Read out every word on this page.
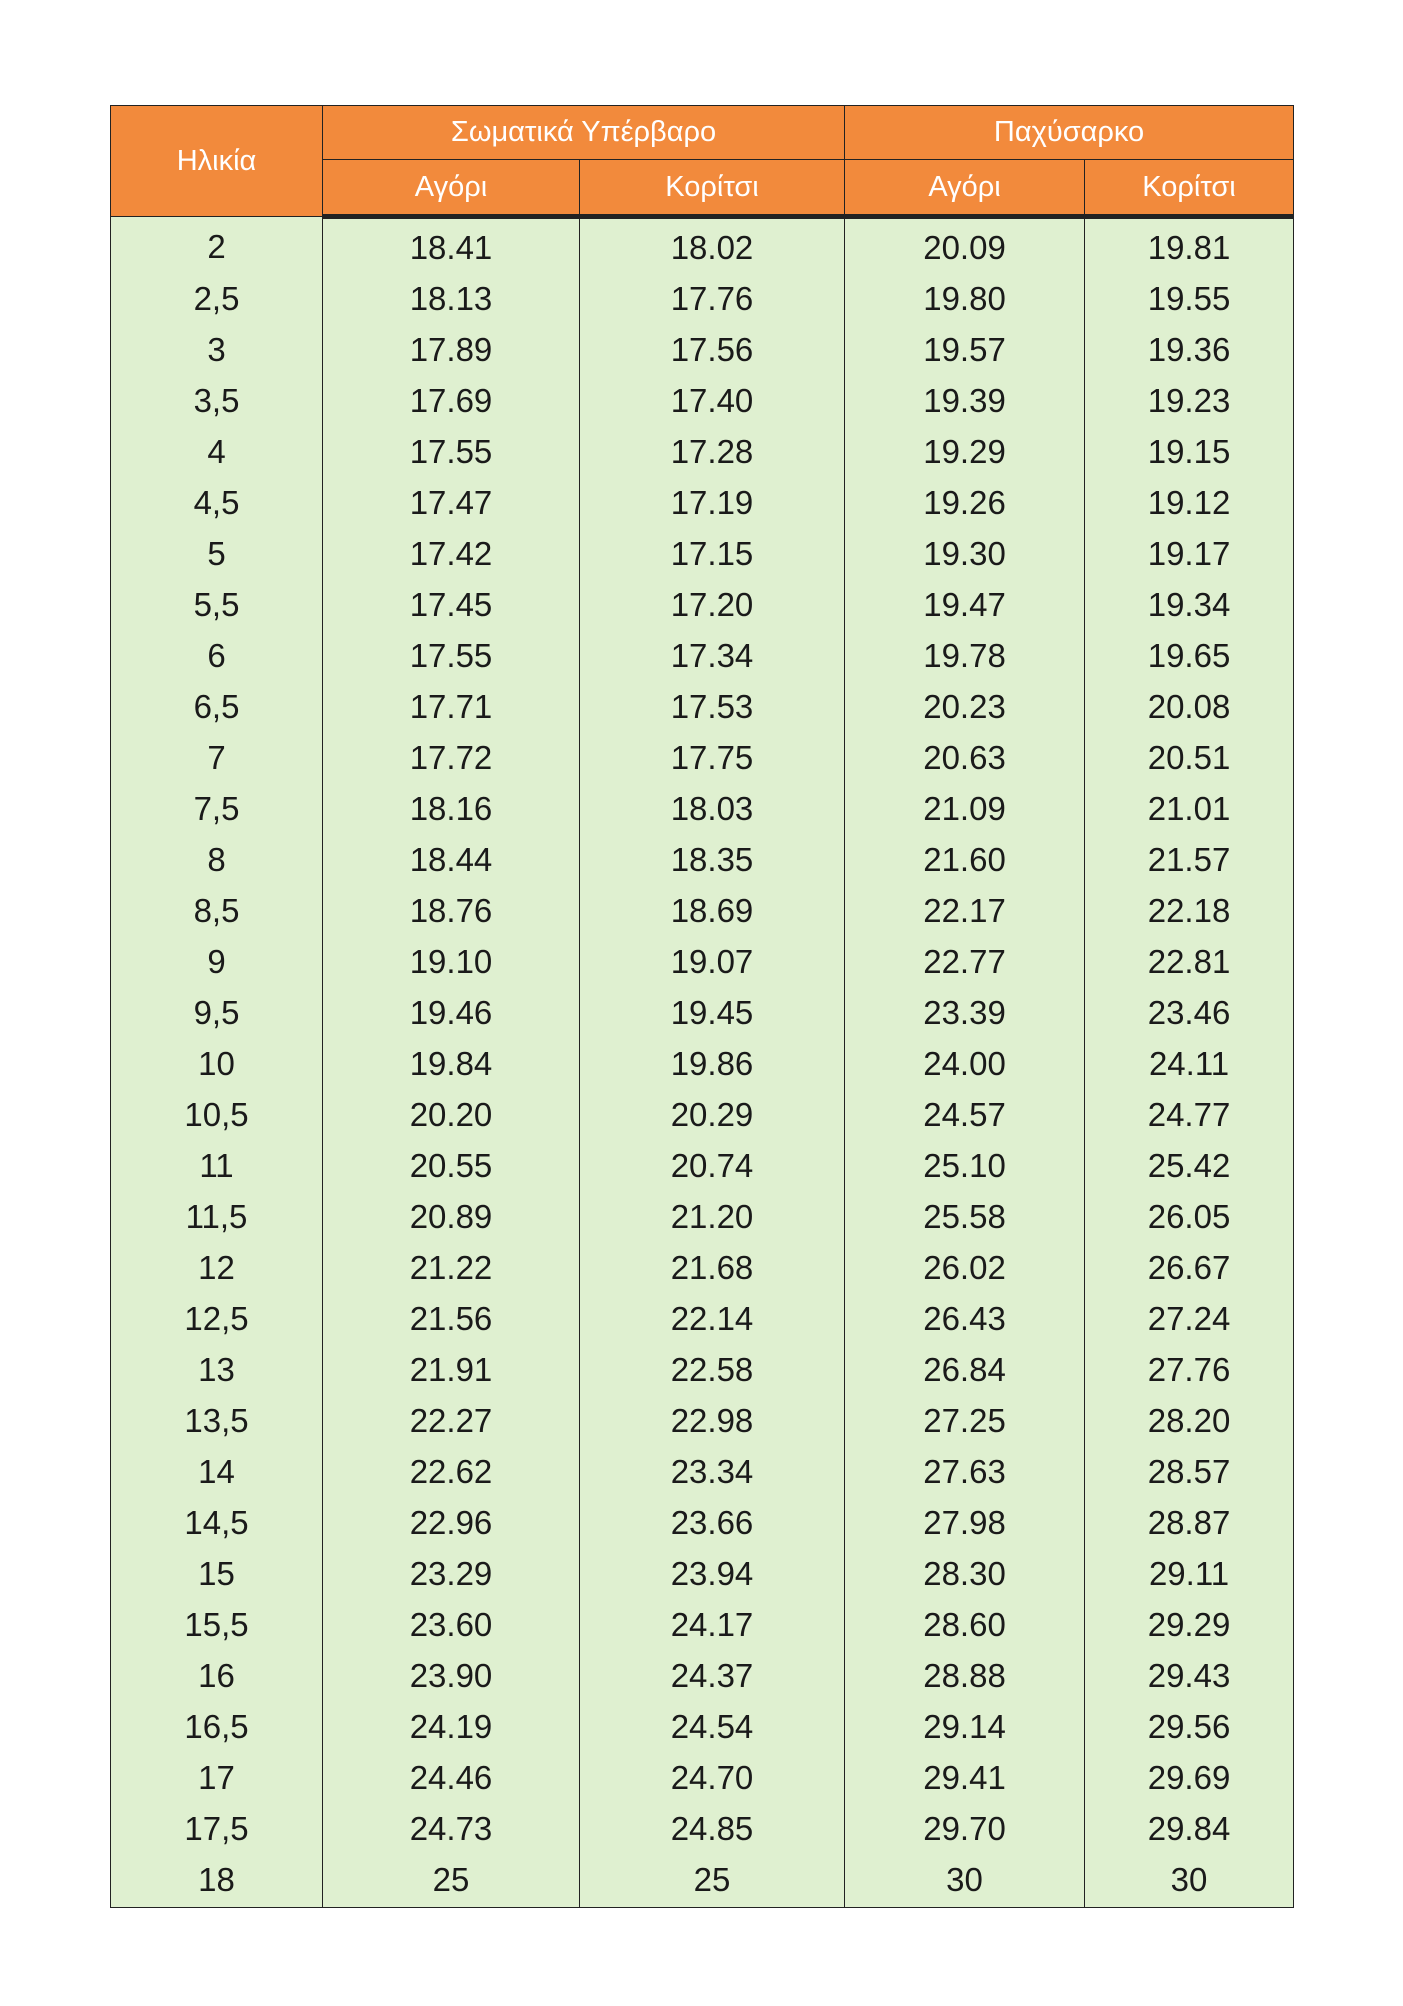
Ηλικία	Σωματικά Υπέρβαρο		Παχύσαρκο	
	Αγόρι	Κορίτσι	Αγόρι	Κορίτσι
2	18.41	18.02	20.09	19.81
2,5	18.13	17.76	19.80	19.55
3	17.89	17.56	19.57	19.36
3,5	17.69	17.40	19.39	19.23
4	17.55	17.28	19.29	19.15
4,5	17.47	17.19	19.26	19.12
5	17.42	17.15	19.30	19.17
5,5	17.45	17.20	19.47	19.34
6	17.55	17.34	19.78	19.65
6,5	17.71	17.53	20.23	20.08
7	17.72	17.75	20.63	20.51
7,5	18.16	18.03	21.09	21.01
8	18.44	18.35	21.60	21.57
8,5	18.76	18.69	22.17	22.18
9	19.10	19.07	22.77	22.81
9,5	19.46	19.45	23.39	23.46
10	19.84	19.86	24.00	24.11
10,5	20.20	20.29	24.57	24.77
11	20.55	20.74	25.10	25.42
11,5	20.89	21.20	25.58	26.05
12	21.22	21.68	26.02	26.67
12,5	21.56	22.14	26.43	27.24
13	21.91	22.58	26.84	27.76
13,5	22.27	22.98	27.25	28.20
14	22.62	23.34	27.63	28.57
14,5	22.96	23.66	27.98	28.87
15	23.29	23.94	28.30	29.11
15,5	23.60	24.17	28.60	29.29
16	23.90	24.37	28.88	29.43
16,5	24.19	24.54	29.14	29.56
17	24.46	24.70	29.41	29.69
17,5	24.73	24.85	29.70	29.84
18	25	25	30	30
